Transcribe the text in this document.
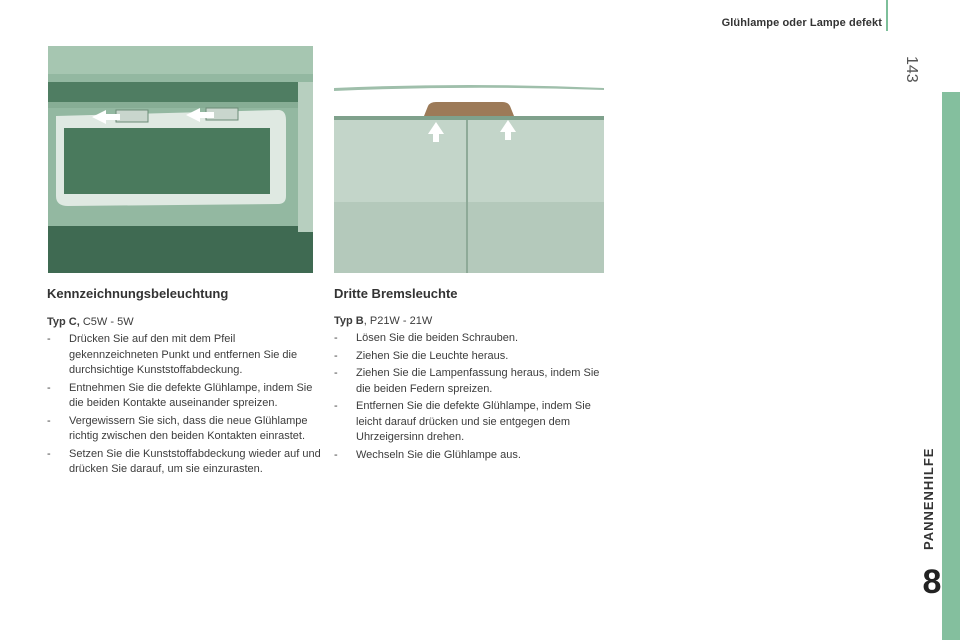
Glühlampe oder Lampe defekt
143
PANNENHILFE
8
Kennzeichnungsbeleuchtung
Typ C, C5W - 5W
- Drücken Sie auf den mit dem Pfeil gekennzeichneten Punkt und entfernen Sie die durchsichtige Kunststoffabdeckung.
- Entnehmen Sie die defekte Glühlampe, indem Sie die beiden Kontakte auseinander spreizen.
- Vergewissern Sie sich, dass die neue Glühlampe richtig zwischen den beiden Kontakten einrastet.
- Setzen Sie die Kunststoffabdeckung wieder auf und drücken Sie darauf, um sie einzurasten.
Dritte Bremsleuchte
Typ B, P21W - 21W
- Lösen Sie die beiden Schrauben.
- Ziehen Sie die Leuchte heraus.
- Ziehen Sie die Lampenfassung heraus, indem Sie die beiden Federn spreizen.
- Entfernen Sie die defekte Glühlampe, indem Sie leicht darauf drücken und sie entgegen dem Uhrzeigersinn drehen.
- Wechseln Sie die Glühlampe aus.
